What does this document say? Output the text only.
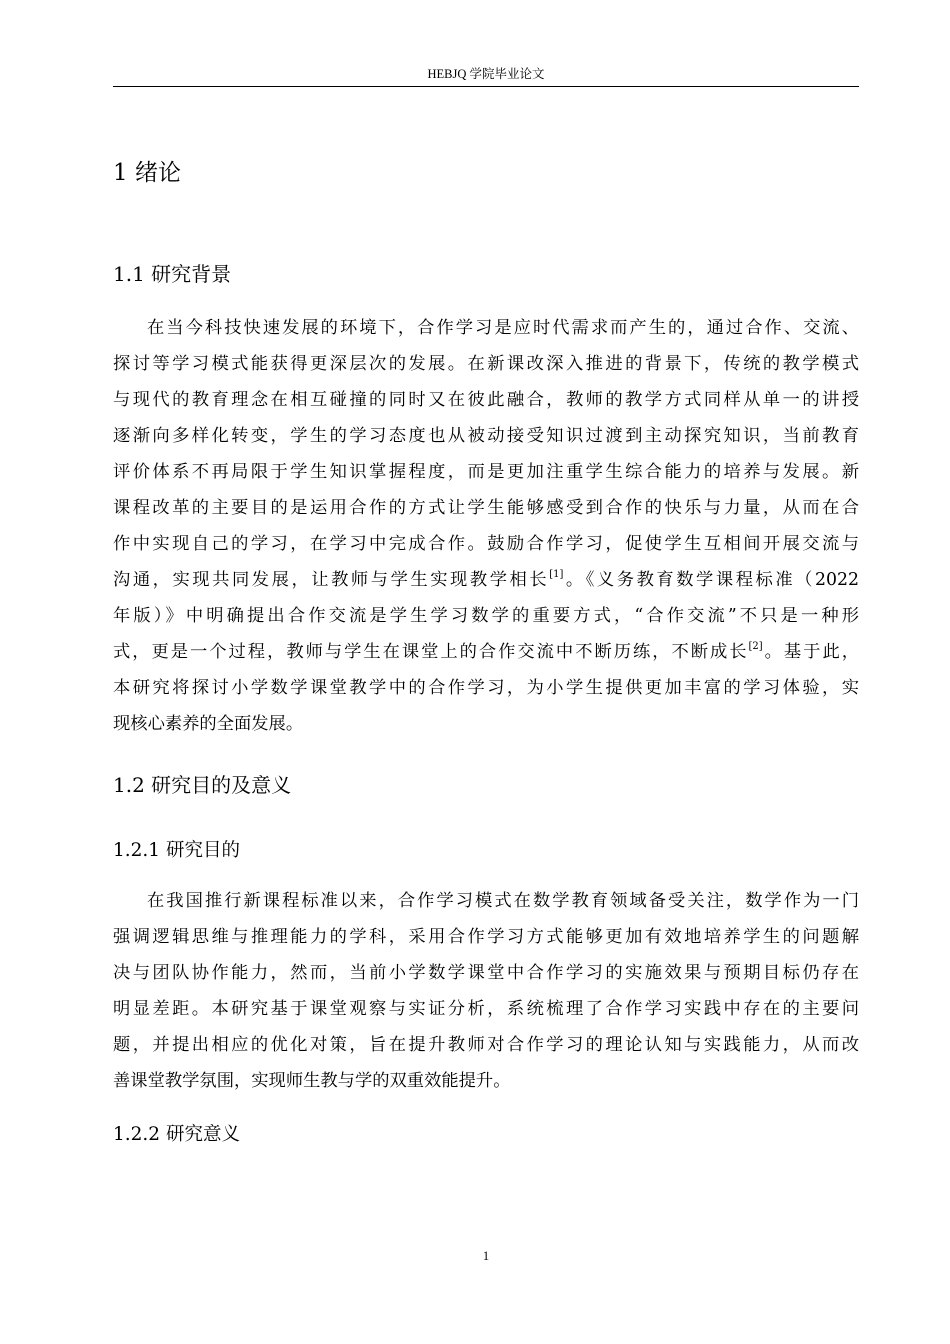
HEBJQ 学院毕业论文
1 绪论
1.1 研究背景
在当今科技快速发展的环境下，合作学习是应时代需求而产生的，通过合作、交流、
探讨等学习模式能获得更深层次的发展。在新课改深入推进的背景下，传统的教学模式
与现代的教育理念在相互碰撞的同时又在彼此融合，教师的教学方式同样从单一的讲授
逐渐向多样化转变，学生的学习态度也从被动接受知识过渡到主动探究知识，当前教育
评价体系不再局限于学生知识掌握程度，而是更加注重学生综合能力的培养与发展。新
课程改革的主要目的是运用合作的方式让学生能够感受到合作的快乐与力量，从而在合
作中实现自己的学习，在学习中完成合作。鼓励合作学习，促使学生互相间开展交流与
沟通，实现共同发展，让教师与学生实现教学相长[1]。《义务教育数学课程标准（2022
年版）》中明确提出合作交流是学生学习数学的重要方式，“合作交流”不只是一种形
式，更是一个过程，教师与学生在课堂上的合作交流中不断历练，不断成长[2]。基于此，
本研究将探讨小学数学课堂教学中的合作学习，为小学生提供更加丰富的学习体验，实
现核心素养的全面发展。
1.2 研究目的及意义
1.2.1 研究目的
在我国推行新课程标准以来，合作学习模式在数学教育领域备受关注，数学作为一门
强调逻辑思维与推理能力的学科，采用合作学习方式能够更加有效地培养学生的问题解
决与团队协作能力，然而，当前小学数学课堂中合作学习的实施效果与预期目标仍存在
明显差距。本研究基于课堂观察与实证分析，系统梳理了合作学习实践中存在的主要问
题，并提出相应的优化对策，旨在提升教师对合作学习的理论认知与实践能力，从而改
善课堂教学氛围，实现师生教与学的双重效能提升。
1.2.2 研究意义
1
